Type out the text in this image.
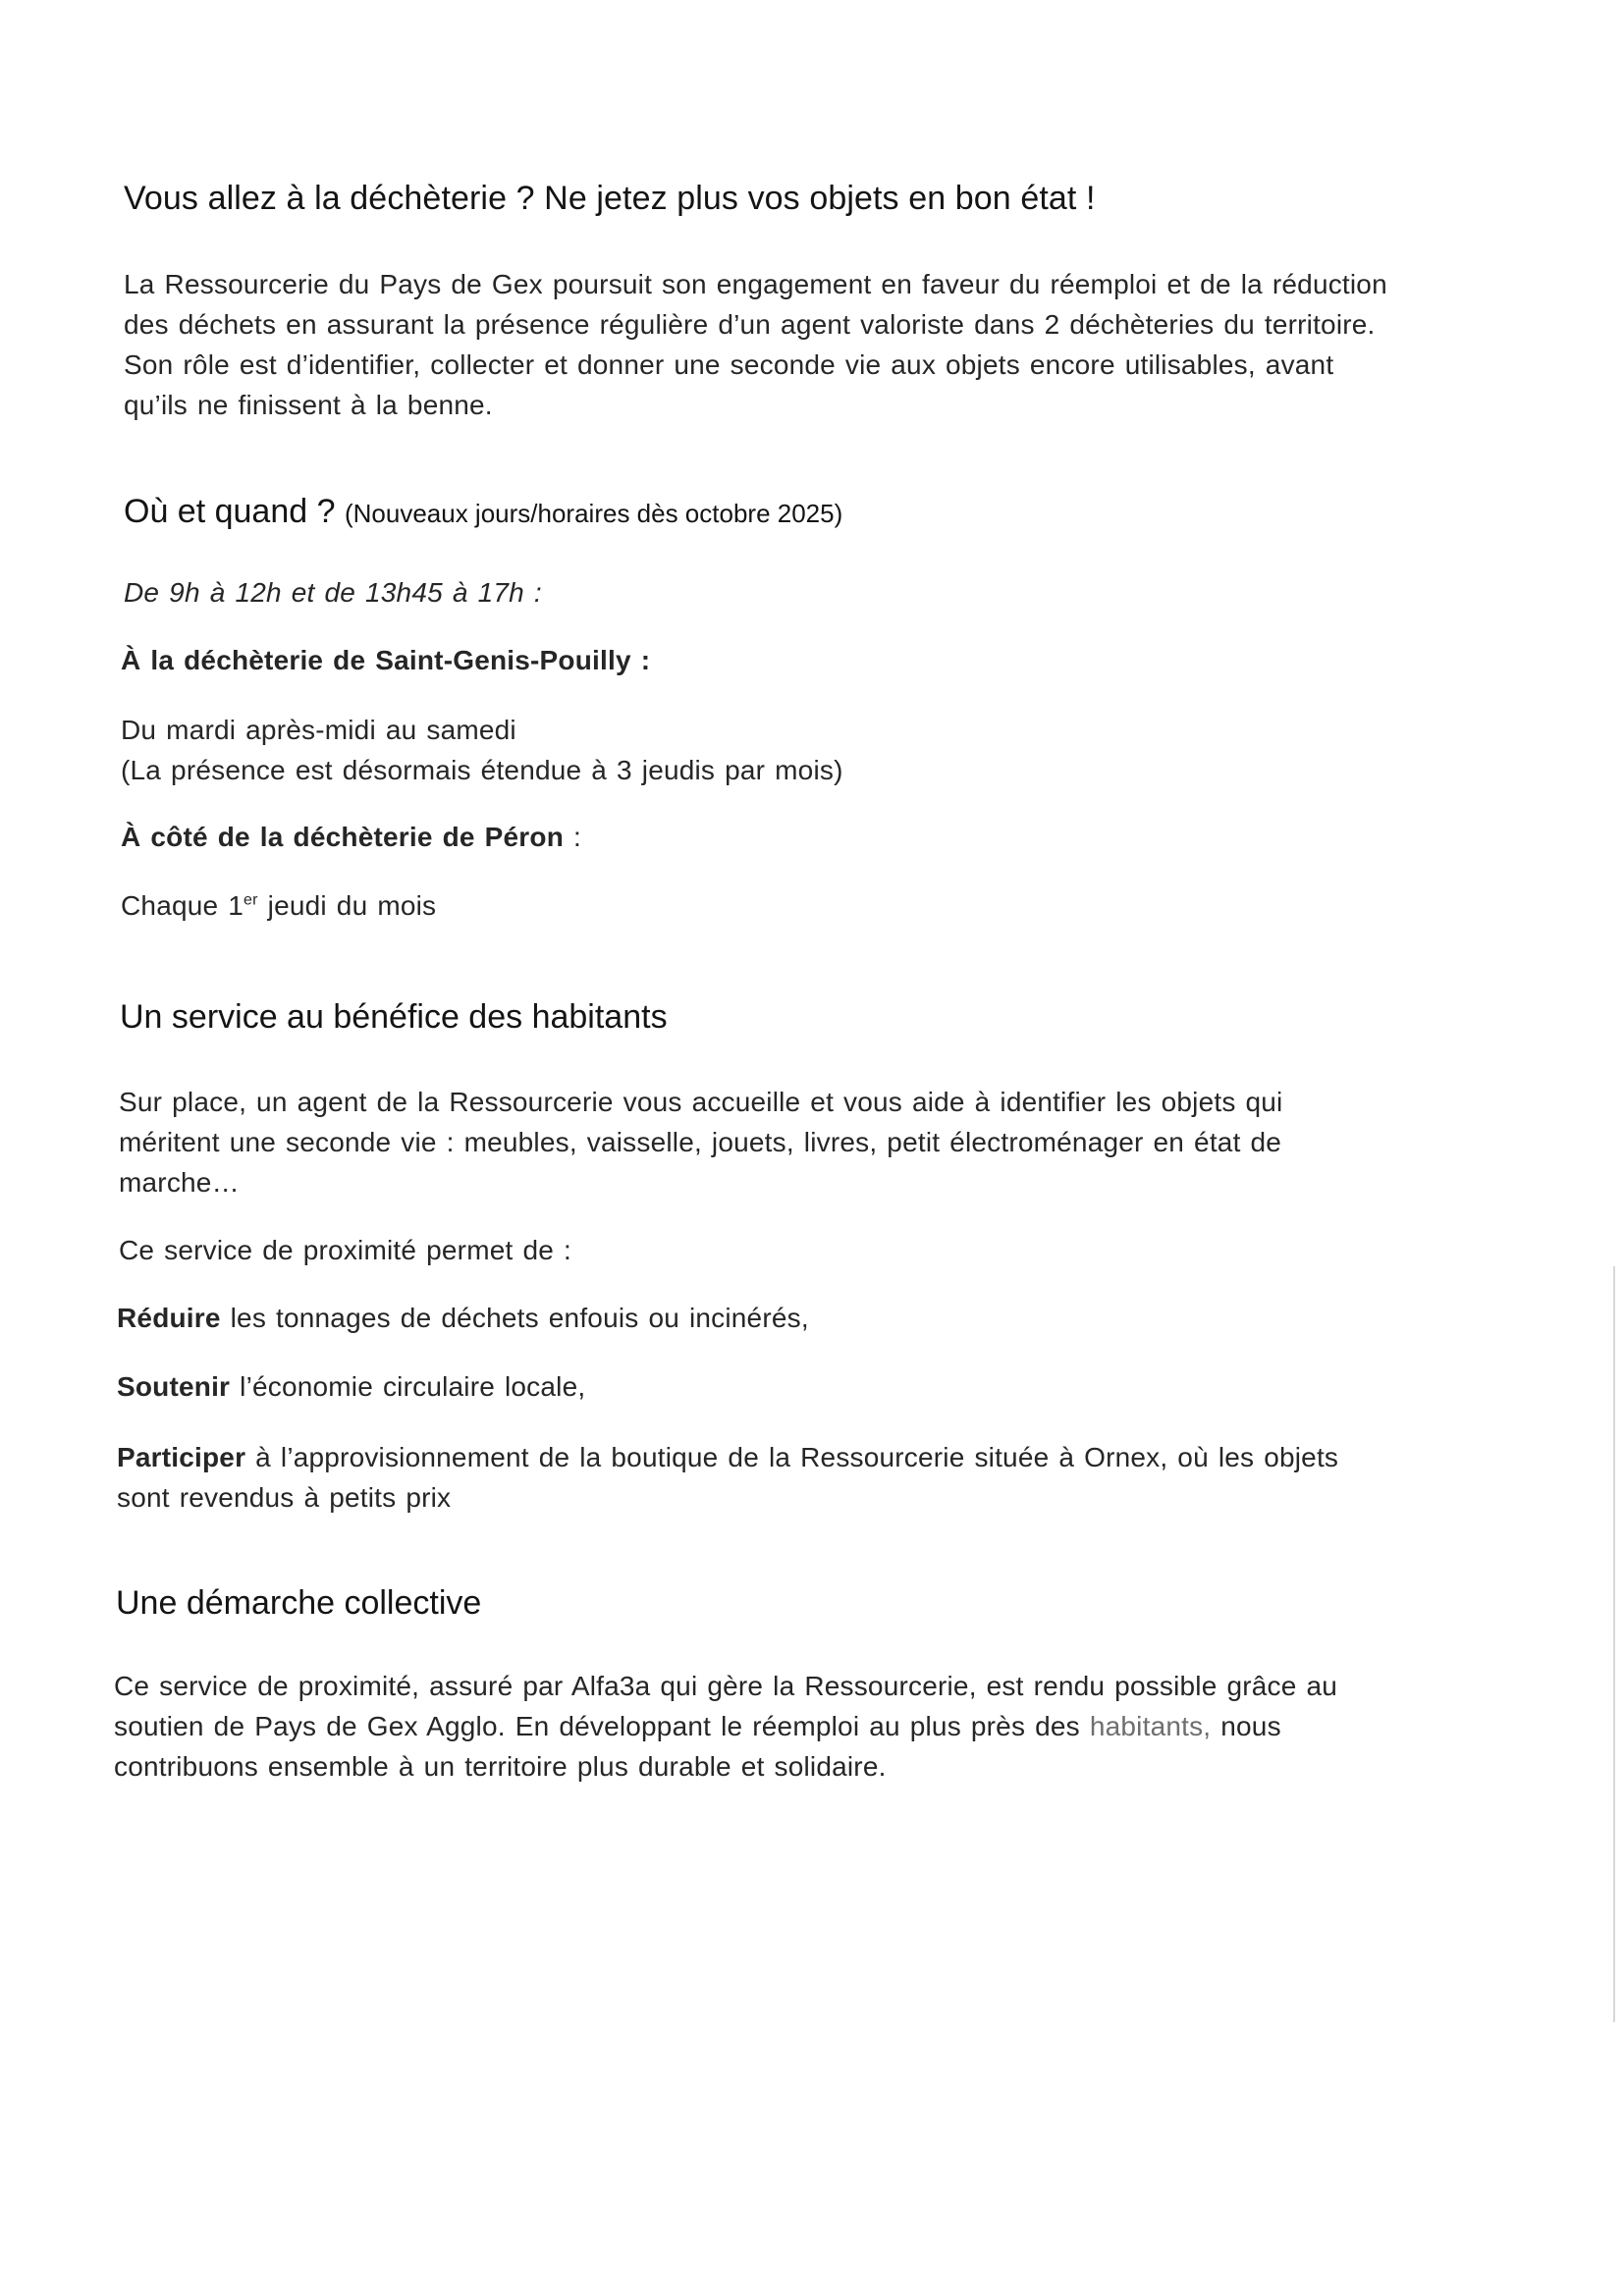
Vous allez à la déchèterie ? Ne jetez plus vos objets en bon état !
La Ressourcerie du Pays de Gex poursuit son engagement en faveur du réemploi et de la réduction
des déchets en assurant la présence régulière d’un agent valoriste dans 2 déchèteries du territoire.
Son rôle est d’identifier, collecter et donner une seconde vie aux objets encore utilisables, avant
qu’ils ne finissent à la benne.
Où et quand ? (Nouveaux jours/horaires dès octobre 2025)
De 9h à 12h et de 13h45 à 17h :
À la déchèterie de Saint-Genis-Pouilly :
Du mardi après-midi au samedi
(La présence est désormais étendue à 3 jeudis par mois)
À côté de la déchèterie de Péron :
Chaque 1er jeudi du mois
Un service au bénéfice des habitants
Sur place, un agent de la Ressourcerie vous accueille et vous aide à identifier les objets qui
méritent une seconde vie : meubles, vaisselle, jouets, livres, petit électroménager en état de
marche…
Ce service de proximité permet de :
Réduire les tonnages de déchets enfouis ou incinérés,
Soutenir l’économie circulaire locale,
Participer à l’approvisionnement de la boutique de la Ressourcerie située à Ornex, où les objets
sont revendus à petits prix
Une démarche collective
Ce service de proximité, assuré par Alfa3a qui gère la Ressourcerie, est rendu possible grâce au
soutien de Pays de Gex Agglo. En développant le réemploi au plus près des habitants, nous
contribuons ensemble à un territoire plus durable et solidaire.
